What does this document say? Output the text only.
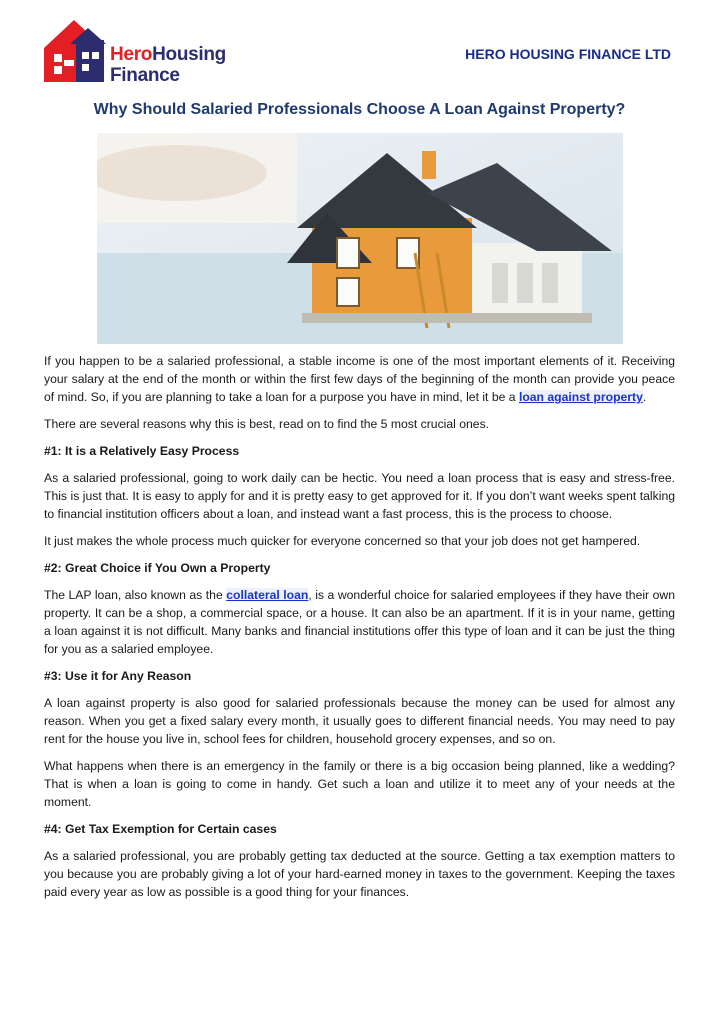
HeroHousing
Finance
HERO HOUSING FINANCE LTD
Why Should Salaried Professionals Choose A Loan Against Property?

If you happen to be a salaried professional, a stable income is one of the most important elements of it. Receiving your salary at the end of the month or within the first few days of the beginning of the month can provide you peace of mind. So, if you are planning to take a loan for a purpose you have in mind, let it be a loan against property.

There are several reasons why this is best, read on to find the 5 most crucial ones.

#1: It is a Relatively Easy Process

As a salaried professional, going to work daily can be hectic. You need a loan process that is easy and stress-free. This is just that. It is easy to apply for and it is pretty easy to get approved for it. If you don’t want weeks spent talking to financial institution officers about a loan, and instead want a fast process, this is the process to choose.

It just makes the whole process much quicker for everyone concerned so that your job does not get hampered.

#2: Great Choice if You Own a Property

The LAP loan, also known as the collateral loan, is a wonderful choice for salaried employees if they have their own property. It can be a shop, a commercial space, or a house. It can also be an apartment. If it is in your name, getting a loan against it is not difficult. Many banks and financial institutions offer this type of loan and it can be just the thing for you as a salaried employee.

#3: Use it for Any Reason

A loan against property is also good for salaried professionals because the money can be used for almost any reason. When you get a fixed salary every month, it usually goes to different financial needs. You may need to pay rent for the house you live in, school fees for children, household grocery expenses, and so on.

What happens when there is an emergency in the family or there is a big occasion being planned, like a wedding? That is when a loan is going to come in handy. Get such a loan and utilize it to meet any of your needs at the moment.

#4: Get Tax Exemption for Certain cases

As a salaried professional, you are probably getting tax deducted at the source. Getting a tax exemption matters to you because you are probably giving a lot of your hard-earned money in taxes to the government. Keeping the taxes paid every year as low as possible is a good thing for your finances.
